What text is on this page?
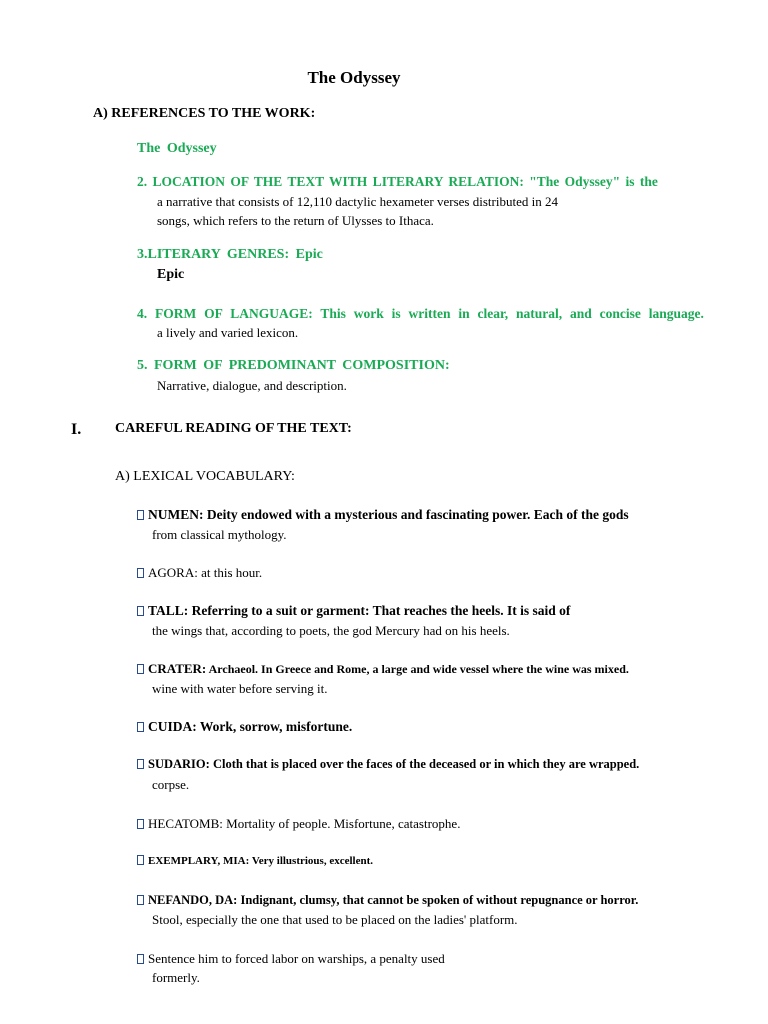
The Odyssey
A) REFERENCES TO THE WORK:
The Odyssey
2. LOCATION OF THE TEXT WITH LITERARY RELATION: "The Odyssey" is the
a narrative that consists of 12,110 dactylic hexameter verses distributed in 24
songs, which refers to the return of Ulysses to Ithaca.
3.LITERARY GENRES: Epic
Epic
4. FORM OF LANGUAGE: This work is written in clear, natural, and concise language.
a lively and varied lexicon.
5. FORM OF PREDOMINANT COMPOSITION:
Narrative, dialogue, and description.
I. CAREFUL READING OF THE TEXT:
A) LEXICAL VOCABULARY:
NUMEN: Deity endowed with a mysterious and fascinating power. Each of the gods
from classical mythology.
AGORA: at this hour.
TALL: Referring to a suit or garment: That reaches the heels. It is said of
the wings that, according to poets, the god Mercury had on his heels.
CRATER: Archaeol. In Greece and Rome, a large and wide vessel where the wine was mixed.
wine with water before serving it.
CUIDA: Work, sorrow, misfortune.
SUDARIO: Cloth that is placed over the faces of the deceased or in which they are wrapped.
corpse.
HECATOMB: Mortality of people. Misfortune, catastrophe.
EXEMPLARY, MIA: Very illustrious, excellent.
NEFANDO, DA: Indignant, clumsy, that cannot be spoken of without repugnance or horror.
Stool, especially the one that used to be placed on the ladies' platform.
Sentence him to forced labor on warships, a penalty used
formerly.
